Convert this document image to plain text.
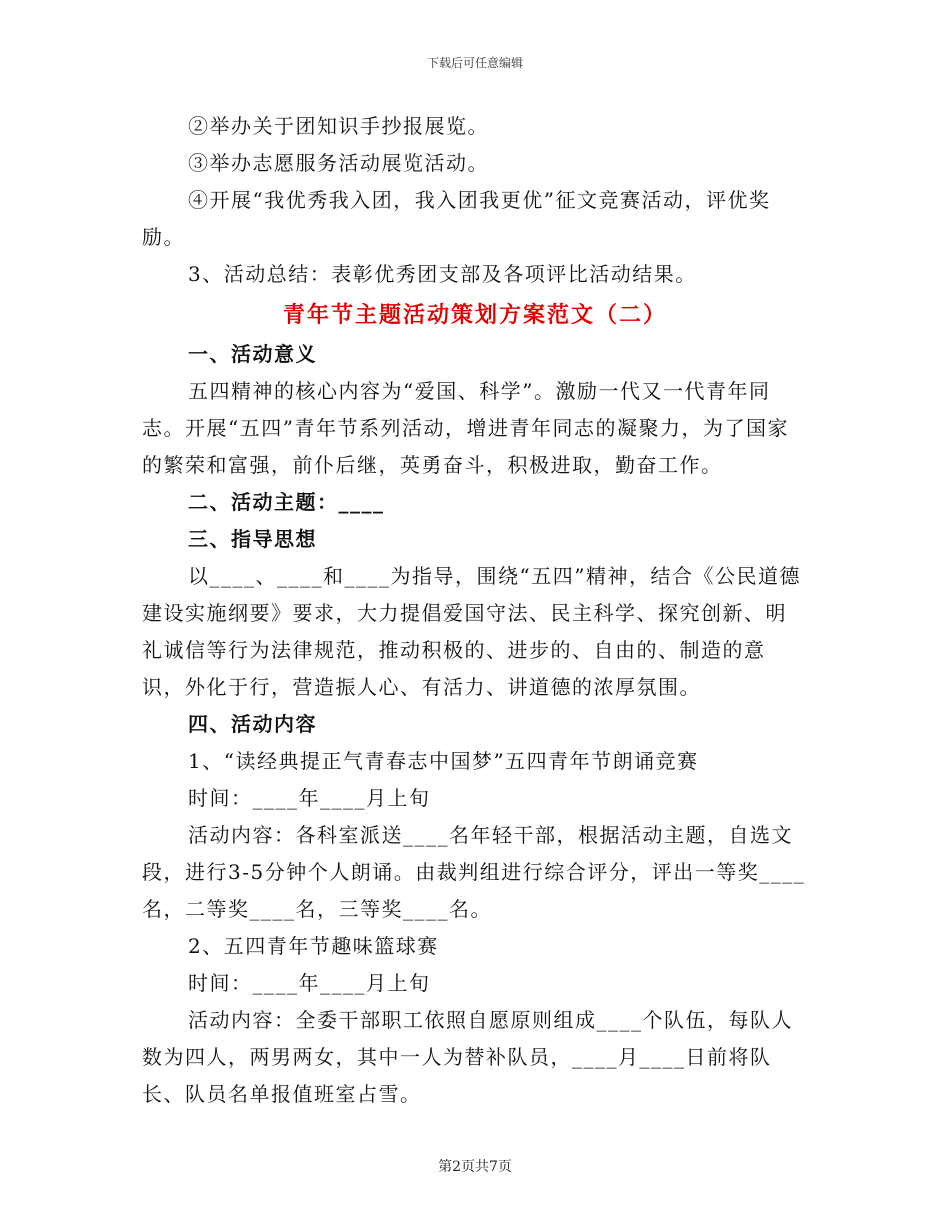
下载后可任意编辑

②举办关于团知识手抄报展览。

③举办志愿服务活动展览活动。

④开展“我优秀我入团，我入团我更优”征文竞赛活动，评优奖励。

3、活动总结：表彰优秀团支部及各项评比活动结果。

青年节主题活动策划方案范文（二）

一、活动意义

五四精神的核心内容为“爱国、科学”。激励一代又一代青年同志。开展“五四”青年节系列活动，增进青年同志的凝聚力，为了国家的繁荣和富强，前仆后继，英勇奋斗，积极进取，勤奋工作。

二、活动主题：____

三、指导思想

以____、____和____为指导，围绕“五四”精神，结合《公民道德建设实施纲要》要求，大力提倡爱国守法、民主科学、探究创新、明礼诚信等行为法律规范，推动积极的、进步的、自由的、制造的意识，外化于行，营造振人心、有活力、讲道德的浓厚氛围。

四、活动内容

1、“读经典提正气青春志中国梦”五四青年节朗诵竞赛

时间：____年____月上旬

活动内容：各科室派送____名年轻干部，根据活动主题，自选文段，进行3-5分钟个人朗诵。由裁判组进行综合评分，评出一等奖____名，二等奖____名，三等奖____名。

2、五四青年节趣味篮球赛

时间：____年____月上旬

活动内容：全委干部职工依照自愿原则组成____个队伍，每队人数为四人，两男两女，其中一人为替补队员，____月____日前将队长、队员名单报值班室占雪。

第2页共7页
